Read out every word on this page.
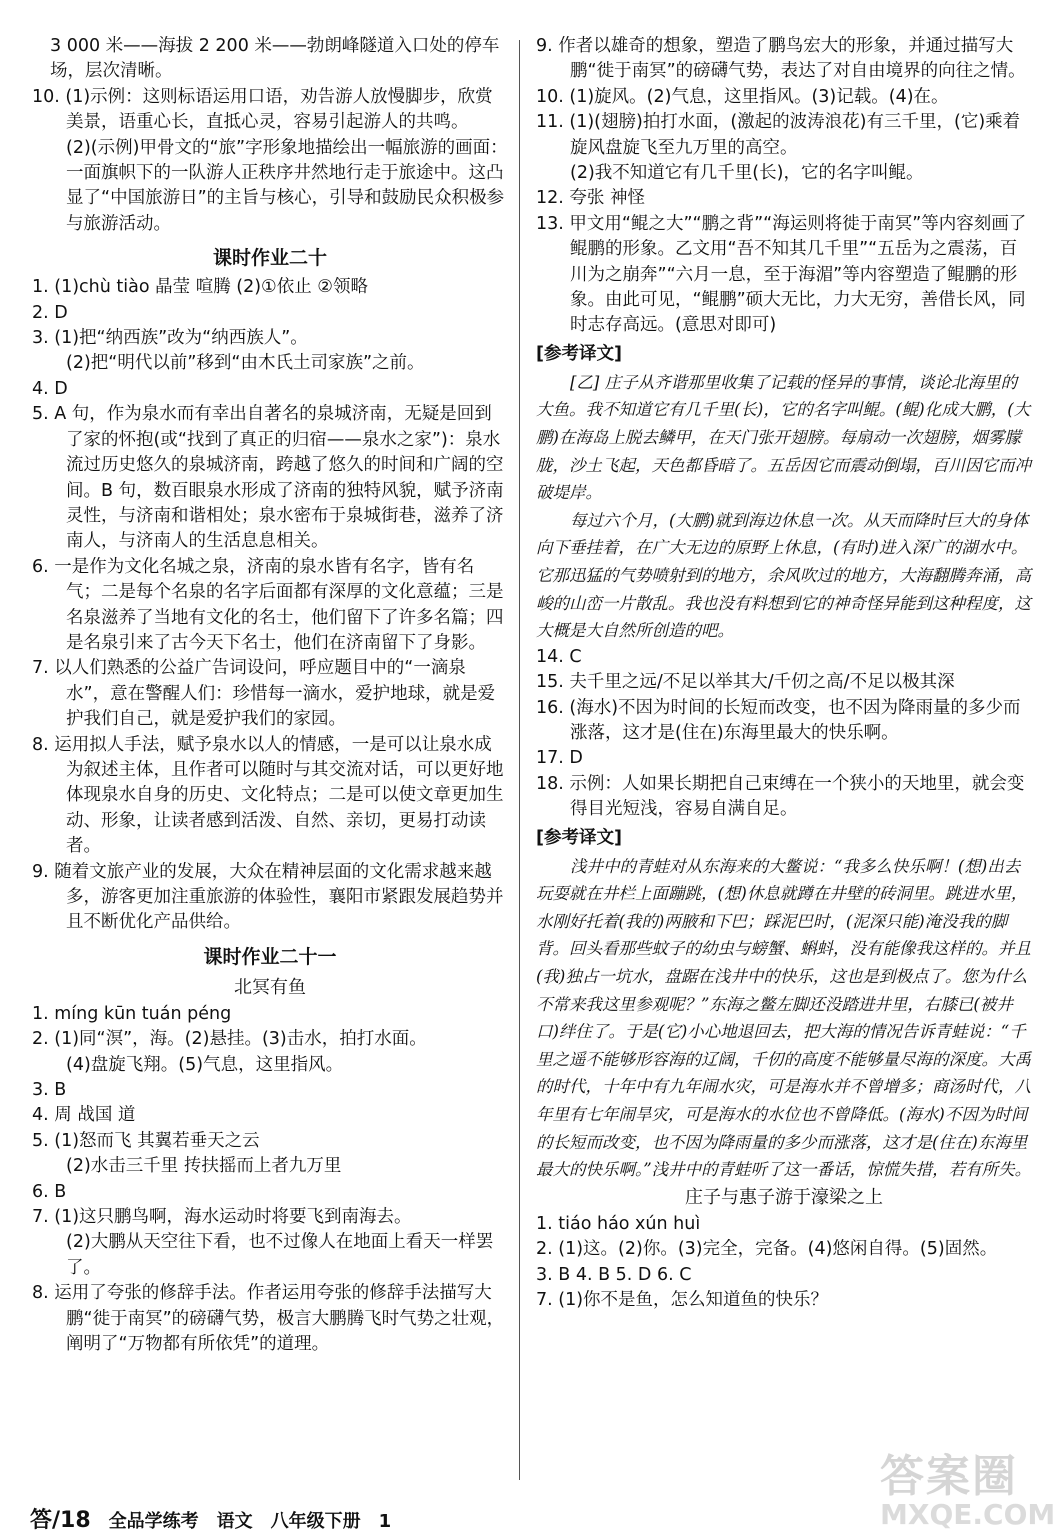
3 000 米——海拔 2 200 米——勃朗峰隧道入口处的停车场，层次清晰。

10. (1)示例：这则标语运用口语，劝告游人放慢脚步，欣赏美景，语重心长，直抵心灵，容易引起游人的共鸣。

(2)(示例)甲骨文的“旅”字形象地描绘出一幅旅游的画面：一面旗帜下的一队游人正秩序井然地行走于旅途中。这凸显了“中国旅游日”的主旨与核心，引导和鼓励民众积极参与旅游活动。

课时作业二十

1. (1)chù tiào 晶莹 喧腾 (2)①依止 ②领略

2. D

3. (1)把“纳西族”改为“纳西族人”。

(2)把“明代以前”移到“由木氏土司家族”之前。

4. D

5. A 句，作为泉水而有幸出自著名的泉城济南，无疑是回到了家的怀抱(或“找到了真正的归宿——泉水之家”)：泉水流过历史悠久的泉城济南，跨越了悠久的时间和广阔的空间。B 句，数百眼泉水形成了济南的独特风貌，赋予济南灵性，与济南和谐相处；泉水密布于泉城街巷，滋养了济南人，与济南人的生活息息相关。

6. 一是作为文化名城之泉，济南的泉水皆有名字，皆有名气；二是每个名泉的名字后面都有深厚的文化意蕴；三是名泉滋养了当地有文化的名士，他们留下了许多名篇；四是名泉引来了古今天下名士，他们在济南留下了身影。

7. 以人们熟悉的公益广告词设问，呼应题目中的“一滴泉水”，意在警醒人们：珍惜每一滴水，爱护地球，就是爱护我们自己，就是爱护我们的家园。

8. 运用拟人手法，赋予泉水以人的情感，一是可以让泉水成为叙述主体，且作者可以随时与其交流对话，可以更好地体现泉水自身的历史、文化特点；二是可以使文章更加生动、形象，让读者感到活泼、自然、亲切，更易打动读者。

9. 随着文旅产业的发展，大众在精神层面的文化需求越来越多，游客更加注重旅游的体验性，襄阳市紧跟发展趋势并且不断优化产品供给。

课时作业二十一
北冥有鱼

1. míng kūn tuán péng

2. (1)同“溟”，海。(2)悬挂。(3)击水，拍打水面。

(4)盘旋飞翔。(5)气息，这里指风。

3. B

4. 周 战国 道

5. (1)怒而飞 其翼若垂天之云

(2)水击三千里 抟扶摇而上者九万里

6. B

7. (1)这只鹏鸟啊，海水运动时将要飞到南海去。

(2)大鹏从天空往下看，也不过像人在地面上看天一样罢了。

8. 运用了夸张的修辞手法。作者运用夸张的修辞手法描写大鹏“徙于南冥”的磅礴气势，极言大鹏腾飞时气势之壮观，阐明了“万物都有所依凭”的道理。

9. 作者以雄奇的想象，塑造了鹏鸟宏大的形象，并通过描写大鹏“徙于南冥”的磅礴气势，表达了对自由境界的向往之情。

10. (1)旋风。(2)气息，这里指风。(3)记载。(4)在。

11. (1)(翅膀)拍打水面，(激起的波涛浪花)有三千里，(它)乘着旋风盘旋飞至九万里的高空。

(2)我不知道它有几千里(长)，它的名字叫鲲。

12. 夸张 神怪

13. 甲文用“鲲之大”“鹏之背”“海运则将徙于南冥”等内容刻画了鲲鹏的形象。乙文用“吾不知其几千里”“五岳为之震荡，百川为之崩奔”“六月一息，至于海湄”等内容塑造了鲲鹏的形象。由此可见，“鲲鹏”硕大无比，力大无穷，善借长风，同时志存高远。(意思对即可)

[参考译文]

[乙] 庄子从齐谐那里收集了记载的怪异的事情，谈论北海里的大鱼。我不知道它有几千里(长)，它的名字叫鲲。(鲲)化成大鹏，(大鹏)在海岛上脱去鳞甲，在天门张开翅膀。每扇动一次翅膀，烟雾朦胧，沙土飞起，天色都昏暗了。五岳因它而震动倒塌，百川因它而冲破堤岸。

每过六个月，(大鹏)就到海边休息一次。从天而降时巨大的身体向下垂挂着，在广大无边的原野上休息，(有时)进入深广的湖水中。它那迅猛的气势喷射到的地方，余风吹过的地方，大海翻腾奔涌，高峻的山峦一片散乱。我也没有料想到它的神奇怪异能到这种程度，这大概是大自然所创造的吧。

14. C

15. 夫千里之远/不足以举其大/千仞之高/不足以极其深

16. (海水)不因为时间的长短而改变，也不因为降雨量的多少而涨落，这才是(住在)东海里最大的快乐啊。

17. D

18. 示例：人如果长期把自己束缚在一个狭小的天地里，就会变得目光短浅，容易自满自足。

[参考译文]

浅井中的青蛙对从东海来的大鳖说：“我多么快乐啊！(想)出去玩耍就在井栏上面蹦跳，(想)休息就蹲在井壁的砖洞里。跳进水里，水刚好托着(我的)两腋和下巴；踩泥巴时，(泥深只能)淹没我的脚背。回头看那些蚊子的幼虫与螃蟹、蝌蚪，没有能像我这样的。并且(我)独占一坑水，盘踞在浅井中的快乐，这也是到极点了。您为什么不常来我这里参观呢？”东海之鳖左脚还没踏进井里，右膝已(被井口)绊住了。于是(它)小心地退回去，把大海的情况告诉青蛙说：“千里之遥不能够形容海的辽阔，千仞的高度不能够量尽海的深度。大禹的时代，十年中有九年闹水灾，可是海水并不曾增多；商汤时代，八年里有七年闹旱灾，可是海水的水位也不曾降低。(海水)不因为时间的长短而改变，也不因为降雨量的多少而涨落，这才是(住在)东海里最大的快乐啊。”浅井中的青蛙听了这一番话，惊慌失措，若有所失。

庄子与惠子游于濠梁之上

1. tiáo háo xún huì

2. (1)这。(2)你。(3)完全，完备。(4)悠闲自得。(5)固然。

3. B 4. B 5. D 6. C

7. (1)你不是鱼，怎么知道鱼的快乐？

答/18 全品学练考 语文 八年级下册 1
答案圈
MXQE.COM
